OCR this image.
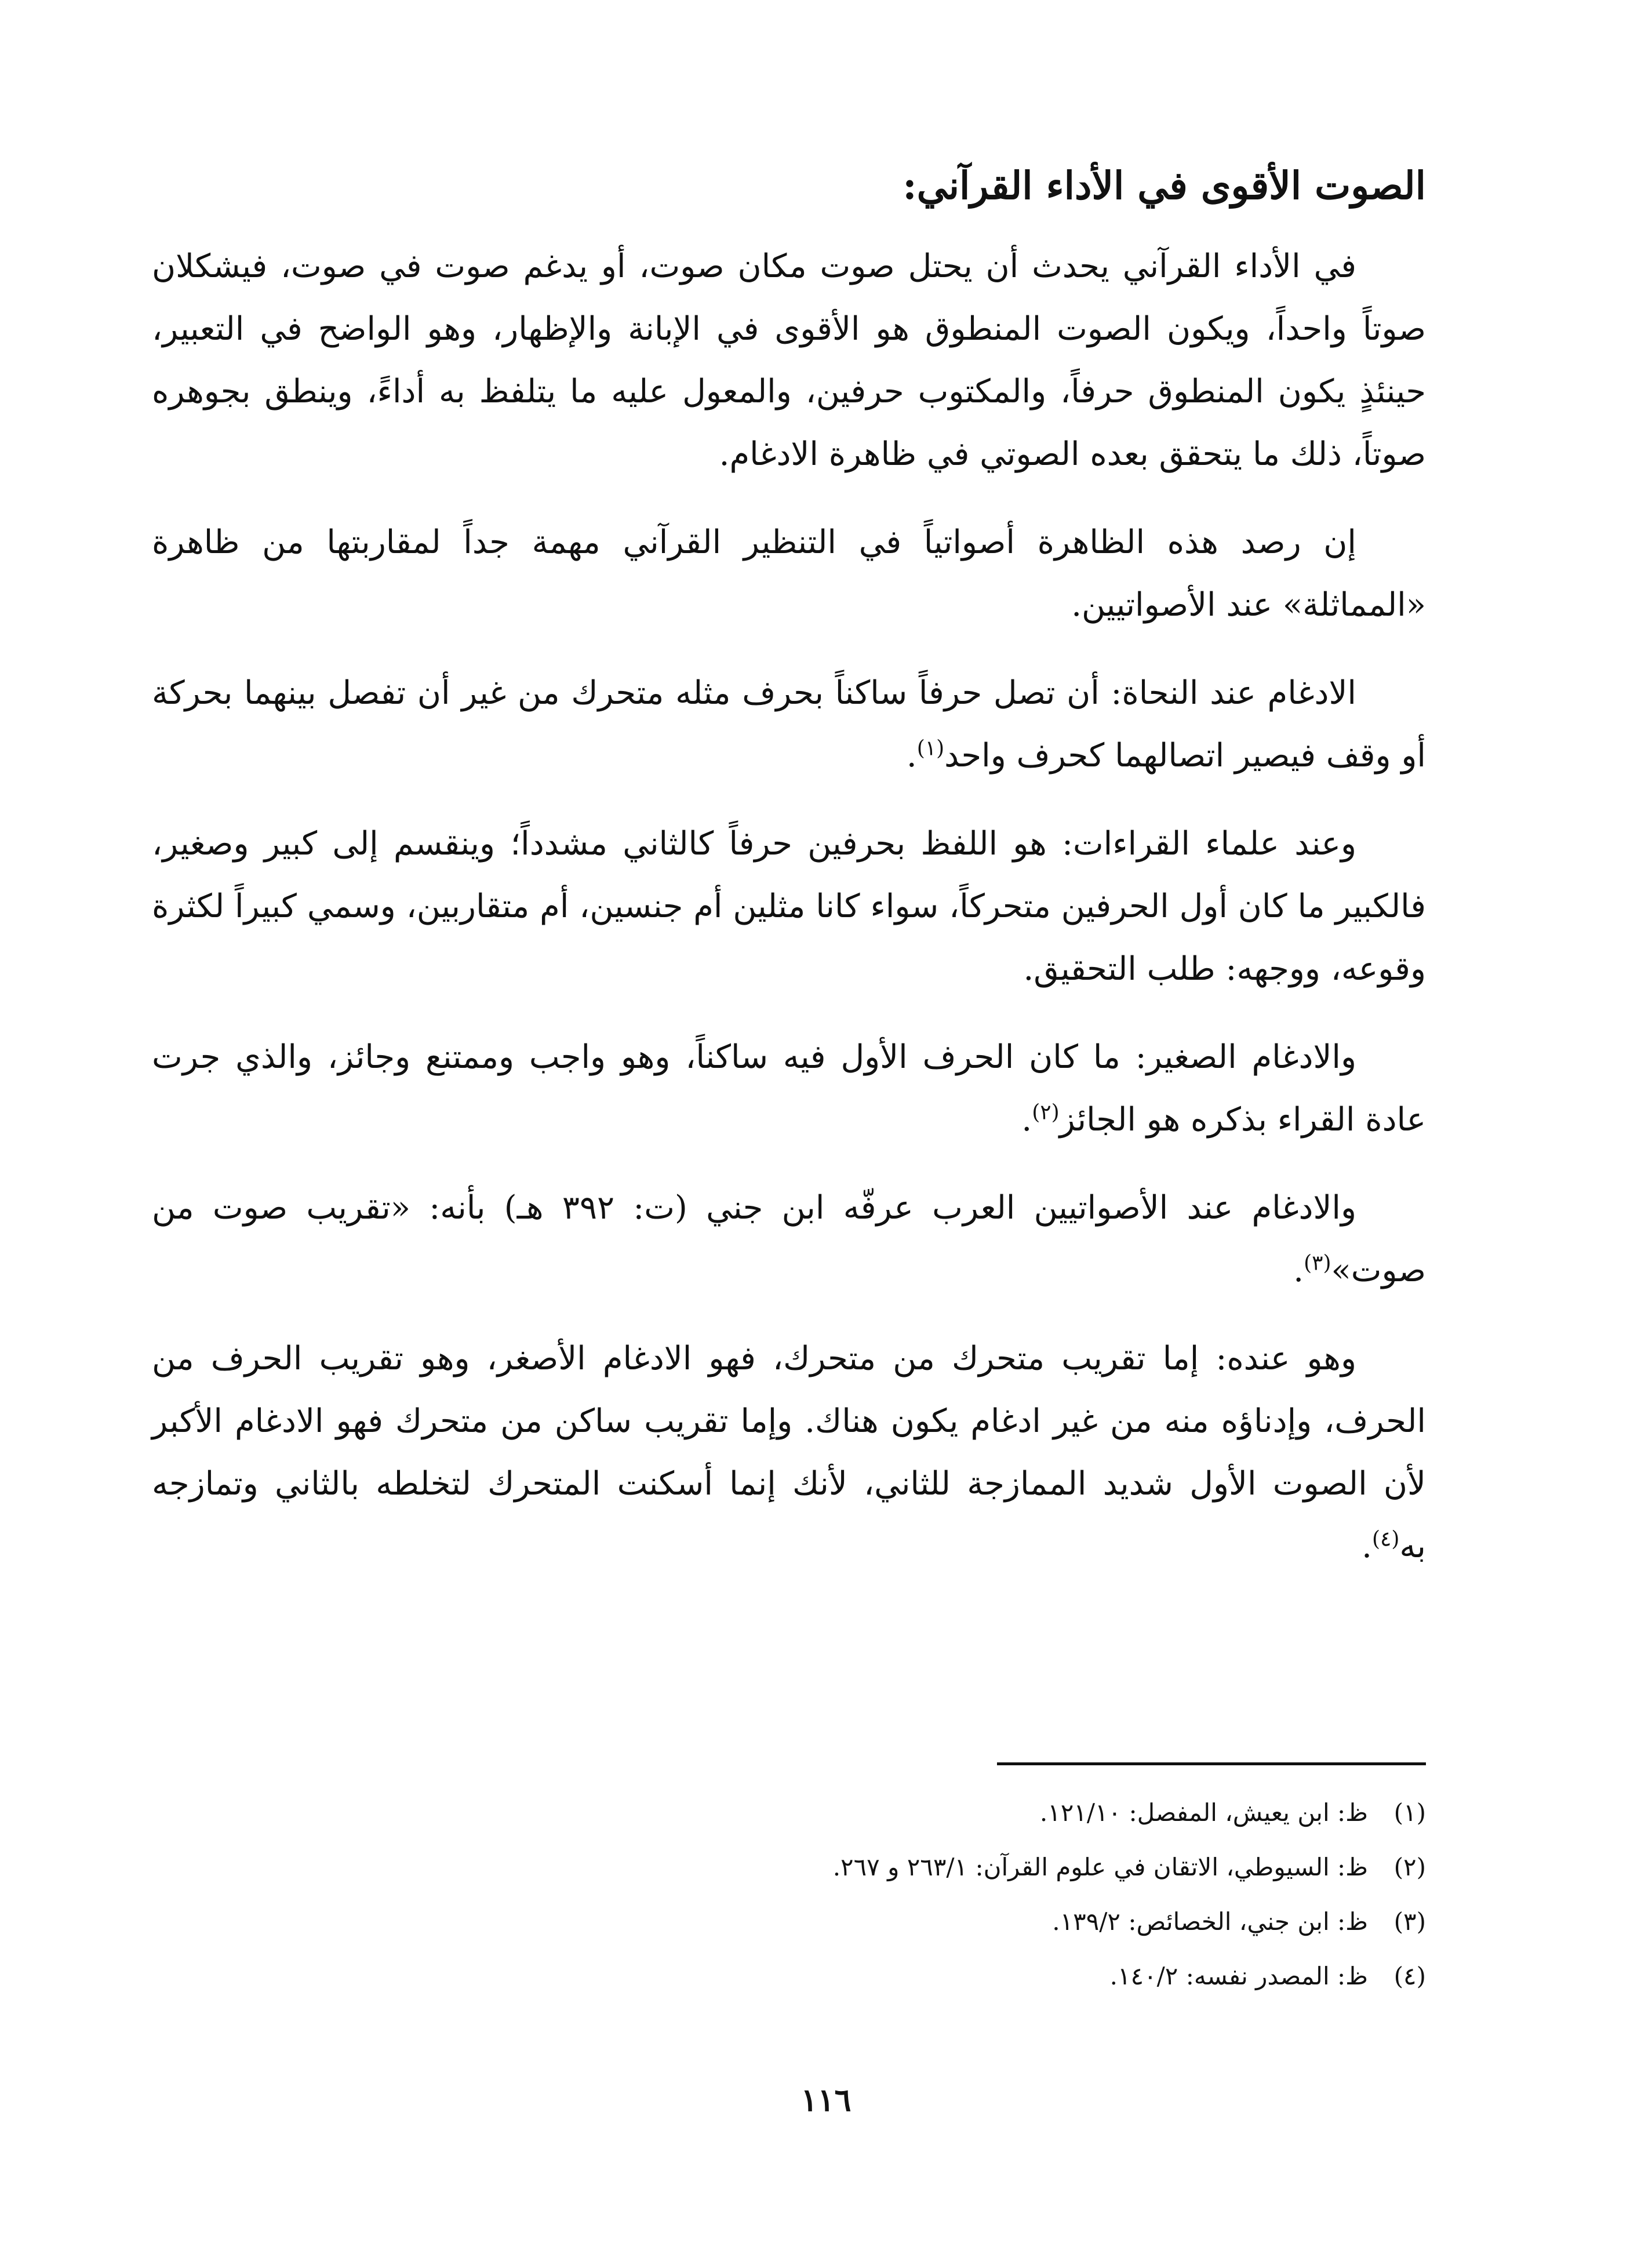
الصوت الأقوى في الأداء القرآني:

في الأداء القرآني يحدث أن يحتل صوت مكان صوت، أو يدغم صوت في صوت، فيشكلان صوتاً واحداً، ويكون الصوت المنطوق هو الأقوى في الإبانة والإظهار، وهو الواضح في التعبير، حينئذٍ يكون المنطوق حرفاً، والمكتوب حرفين، والمعول عليه ما يتلفظ به أداءً، وينطق بجوهره صوتاً، ذلك ما يتحقق بعده الصوتي في ظاهرة الادغام.

إن رصد هذه الظاهرة أصواتياً في التنظير القرآني مهمة جداً لمقاربتها من ظاهرة «المماثلة» عند الأصواتيين.

الادغام عند النحاة: أن تصل حرفاً ساكناً بحرف مثله متحرك من غير أن تفصل بينهما بحركة أو وقف فيصير اتصالهما كحرف واحد$^{(١)}$.

وعند علماء القراءات: هو اللفظ بحرفين حرفاً كالثاني مشدداً؛ وينقسم إلى كبير وصغير، فالكبير ما كان أول الحرفين متحركاً، سواء كانا مثلين أم جنسين، أم متقاربين، وسمي كبيراً لكثرة وقوعه، ووجهه: طلب التحقيق.

والادغام الصغير: ما كان الحرف الأول فيه ساكناً، وهو واجب وممتنع وجائز، والذي جرت عادة القراء بذكره هو الجائز$^{(٢)}$.

والادغام عند الأصواتيين العرب عرفّه ابن جني (ت: ٣٩٢ هـ) بأنه: «تقريب صوت من صوت»$^{(٣)}$.

وهو عنده: إما تقريب متحرك من متحرك، فهو الادغام الأصغر، وهو تقريب الحرف من الحرف، وإدناؤه منه من غير ادغام يكون هناك. وإما تقريب ساكن من متحرك فهو الادغام الأكبر لأن الصوت الأول شديد الممازجة للثاني، لأنك إنما أسكنت المتحرك لتخلطه بالثاني وتمازجه به$^{(٤)}$.

(١)ظ: ابن يعيش، المفصل: ١٢١/١٠.
(٢)ظ: السيوطي، الاتقان في علوم القرآن: ٢٦٣/١ و ٢٦٧.
(٣)ظ: ابن جني، الخصائص: ١٣٩/٢.
(٤)ظ: المصدر نفسه: ١٤٠/٢.
١١٦
